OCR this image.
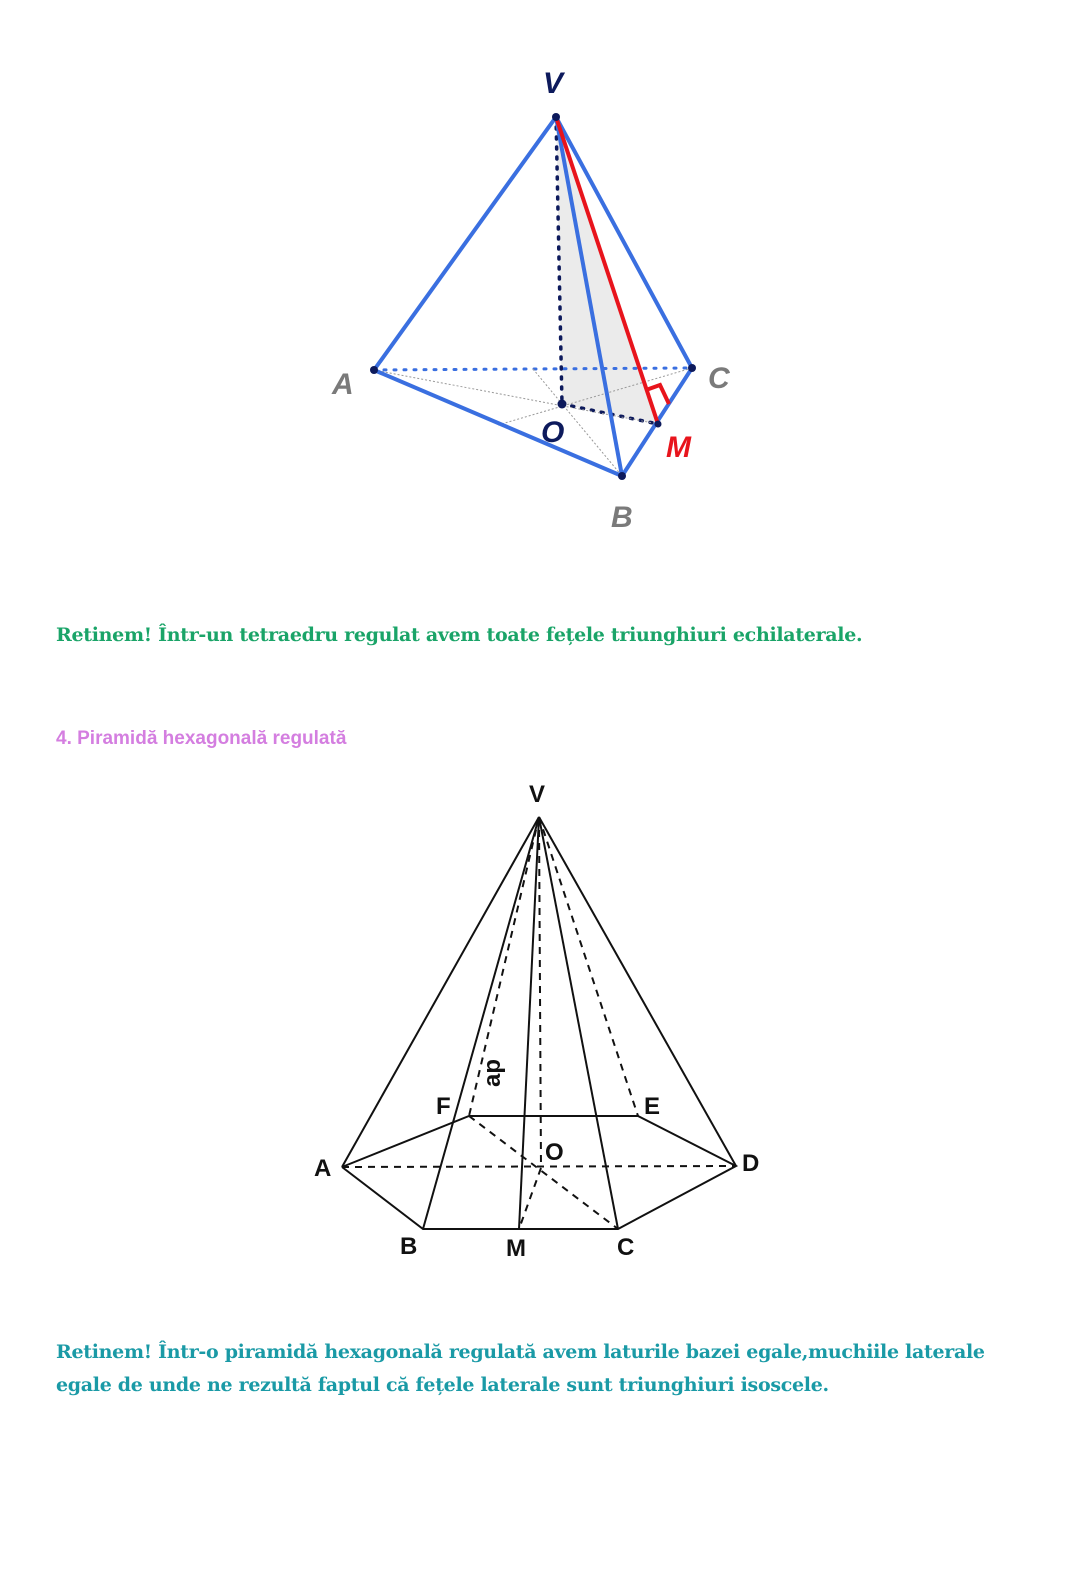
V
A	C
B
O	M
Retinem! Într-un tetraedru regulat avem toate fețele triunghiuri echilaterale.
4. Piramidă hexagonală regulată
V
A
B	M	C
D
E
F
O
ap
Retinem! Într-o piramidă hexagonală regulată avem laturile bazei egale,muchiile laterale egale de unde ne rezultă faptul că fețele laterale sunt triunghiuri isoscele.
